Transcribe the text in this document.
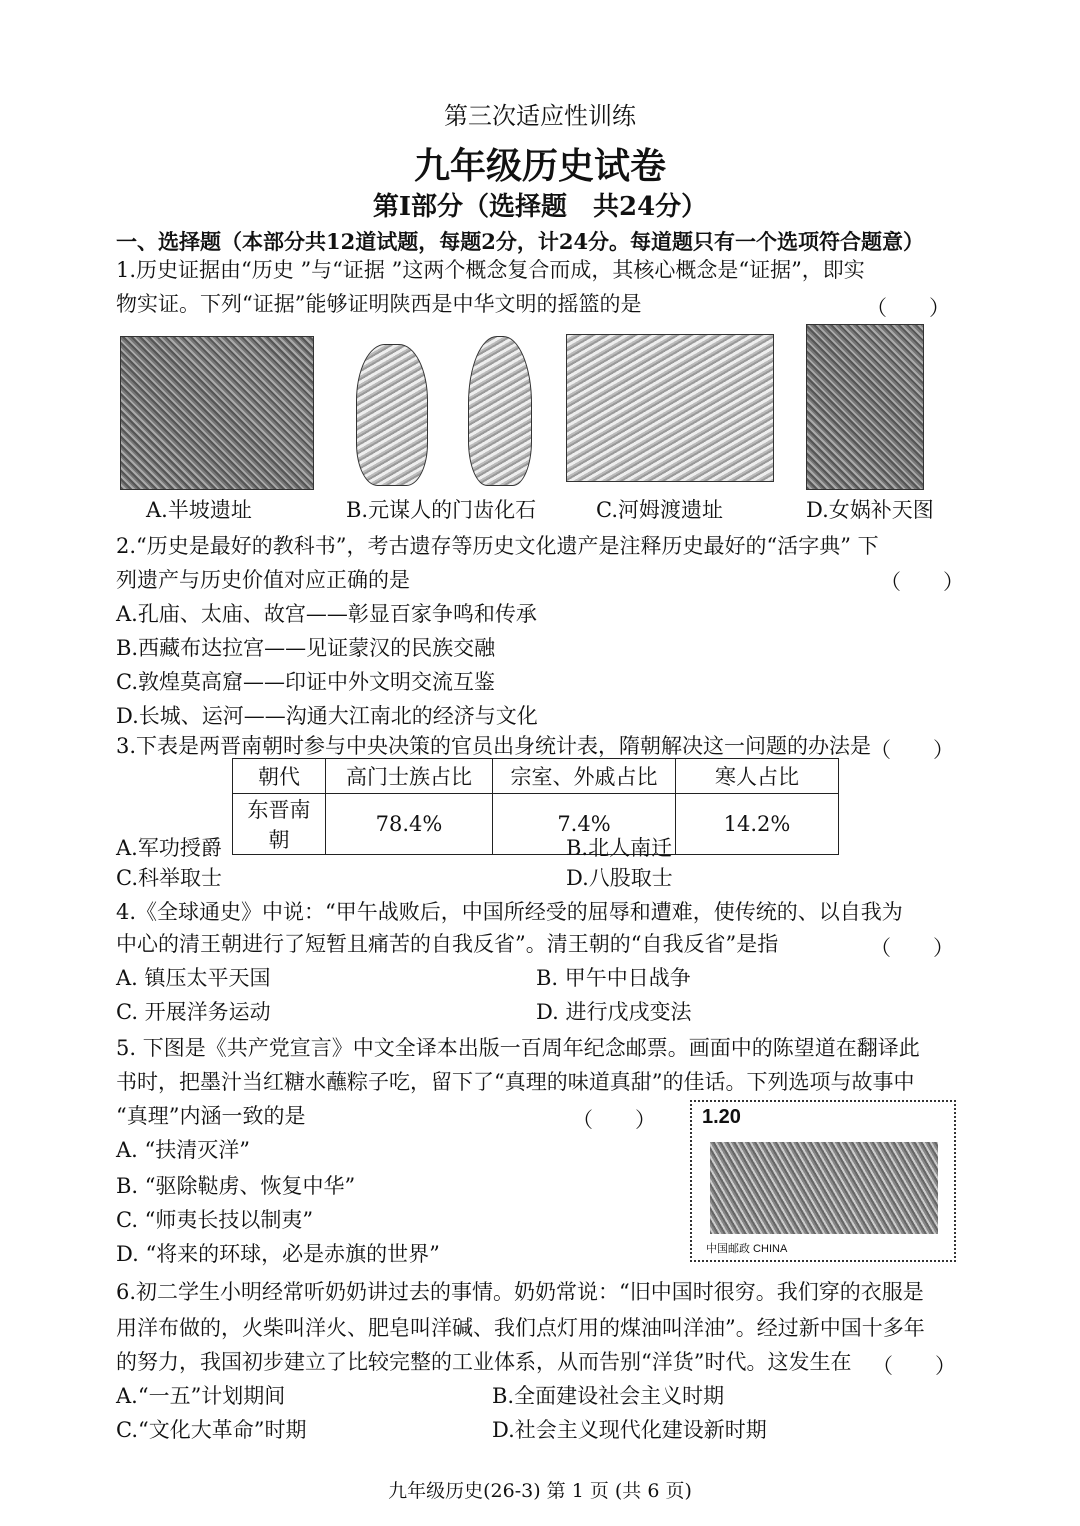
第三次适应性训练
九年级历史试卷
第Ⅰ部分（选择题　共24分）
一、选择题（本部分共12道试题，每题2分，计24分。每道题只有一个选项符合题意）
1.历史证据由“历史 ”与“证据 ”这两个概念复合而成，其核心概念是“证据”，即实
物实证。下列“证据”能够证明陕西是中华文明的摇篮的是	（　　）
A.半坡遗址	B.元谋人的门齿化石	C.河姆渡遗址	D.女娲补天图
2.“历史是最好的教科书”，考古遗存等历史文化遗产是注释历史最好的“活字典” 下
列遗产与历史价值对应正确的是	（　　）
A.孔庙、太庙、故宫——彰显百家争鸣和传承
B.西藏布达拉宫——见证蒙汉的民族交融
C.敦煌莫高窟——印证中外文明交流互鉴
D.长城、运河——沟通大江南北的经济与文化
3.下表是两晋南朝时参与中央决策的官员出身统计表，隋朝解决这一问题的办法是
（　　）
朝代	高门士族占比	宗室、外戚占比	寒人占比
东晋南朝	78.4%	7.4%	14.2%
A.军功授爵	B.北人南迁
C.科举取士	D.八股取士
4.《全球通史》中说：“甲午战败后，中国所经受的屈辱和遭难，使传统的、以自我为
中心的清王朝进行了短暂且痛苦的自我反省”。清王朝的“自我反省”是指	（　　）
A. 镇压太平天国	B. 甲午中日战争
C. 开展洋务运动	D. 进行戊戌变法
5. 下图是《共产党宣言》中文全译本出版一百周年纪念邮票。画面中的陈望道在翻译此
书时，把墨汁当红糖水蘸粽子吃，留下了“真理的味道真甜”的佳话。下列选项与故事中
“真理”内涵一致的是	（　　）
A. “扶清灭洋”
B. “驱除鞑虏、恢复中华”
C. “师夷长技以制夷”
D. “将来的环球，必是赤旗的世界”
1.20
中国邮政 CHINA
6.初二学生小明经常听奶奶讲过去的事情。奶奶常说：“旧中国时很穷。我们穿的衣服是
用洋布做的，火柴叫洋火、肥皂叫洋碱、我们点灯用的煤油叫洋油”。经过新中国十多年
的努力，我国初步建立了比较完整的工业体系，从而告别“洋货”时代。这发生在 （　　）
A.“一五”计划期间	B.全面建设社会主义时期
C.“文化大革命”时期	D.社会主义现代化建设新时期
九年级历史(26-3) 第 1 页 (共 6 页)
